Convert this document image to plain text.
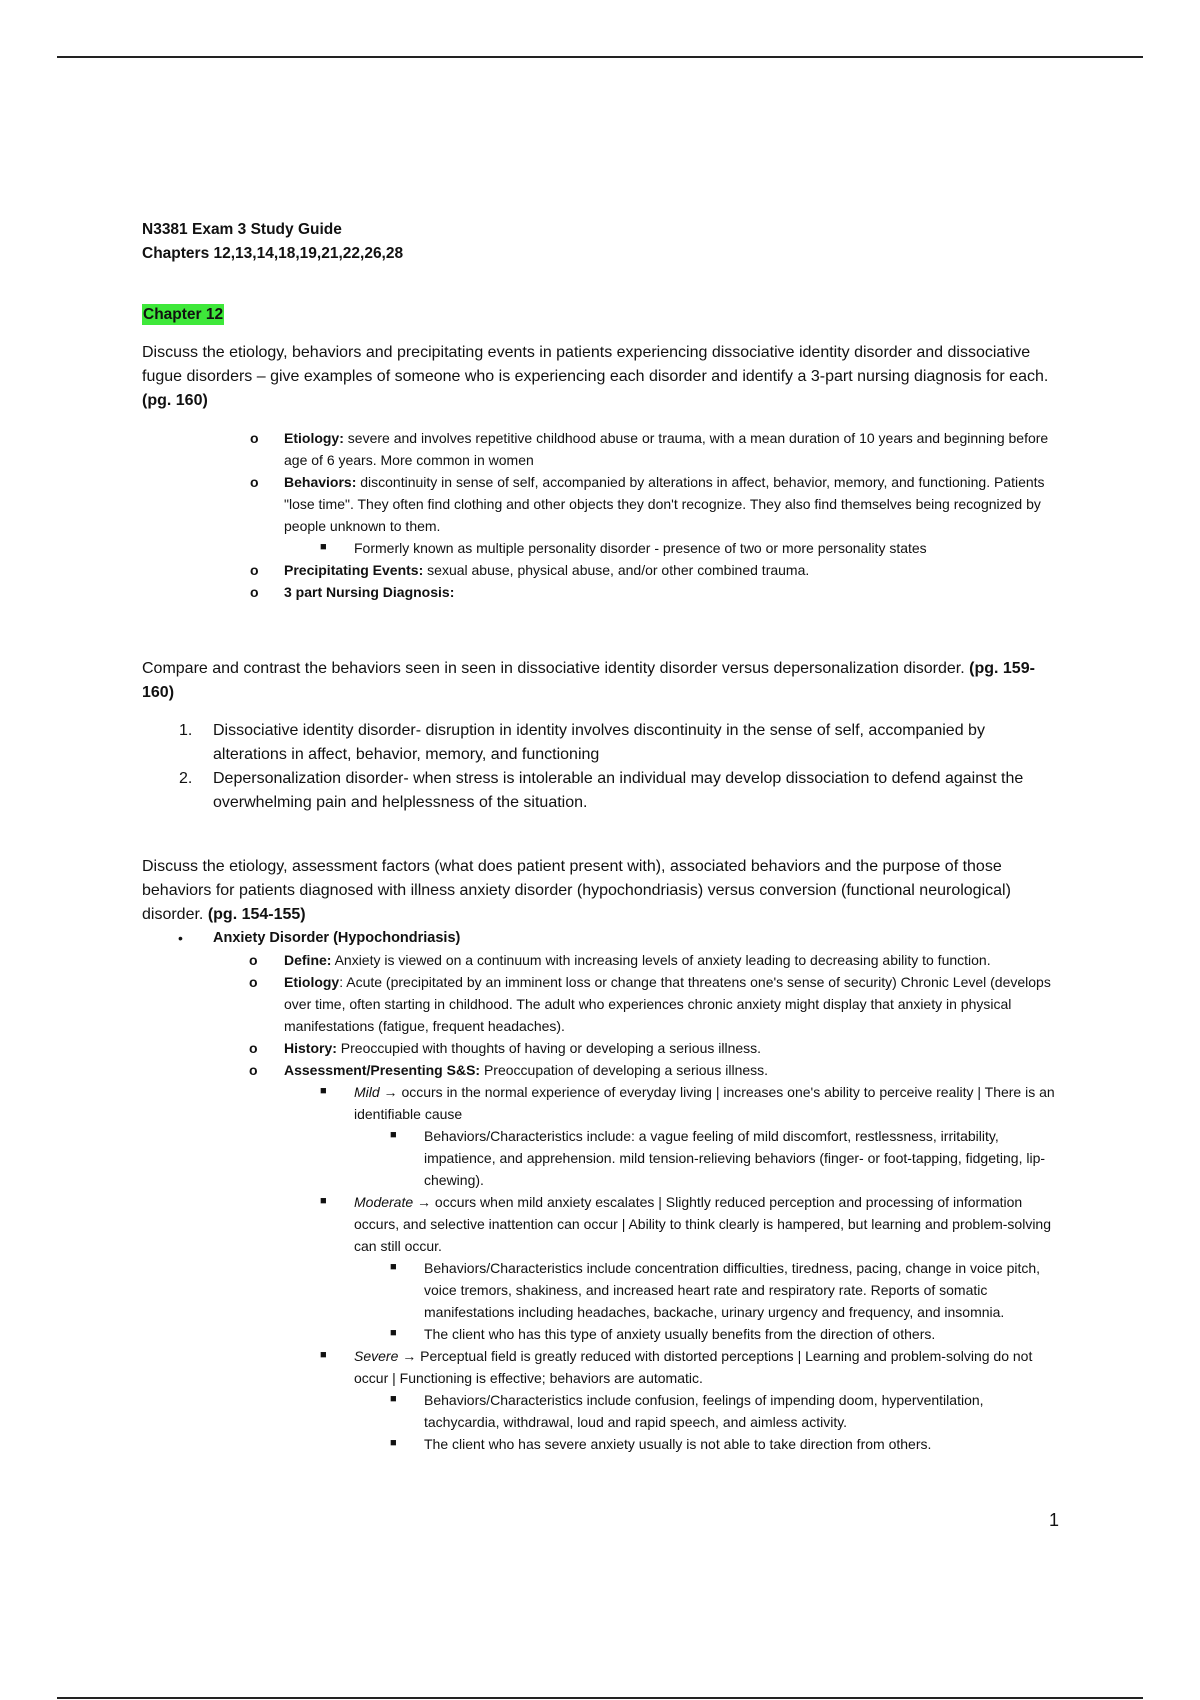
N3381 Exam 3 Study Guide

Chapters 12,13,14,18,19,21,22,26,28

Chapter 12

Discuss the etiology, behaviors and precipitating events in patients experiencing dissociative identity disorder and dissociative fugue disorders – give examples of someone who is experiencing each disorder and identify a 3-part nursing diagnosis for each. (pg. 160)

o Etiology: severe and involves repetitive childhood abuse or trauma, with a mean duration of 10 years and beginning before age of 6 years. More common in women
o Behaviors: discontinuity in sense of self, accompanied by alterations in affect, behavior, memory, and functioning. Patients "lose time". They often find clothing and other objects they don't recognize. They also find themselves being recognized by people unknown to them.
■ Formerly known as multiple personality disorder - presence of two or more personality states
o Precipitating Events: sexual abuse, physical abuse, and/or other combined trauma.
o 3 part Nursing Diagnosis:

Compare and contrast the behaviors seen in seen in dissociative identity disorder versus depersonalization disorder. (pg. 159-160)

1. Dissociative identity disorder- disruption in identity involves discontinuity in the sense of self, accompanied by alterations in affect, behavior, memory, and functioning
2. Depersonalization disorder- when stress is intolerable an individual may develop dissociation to defend against the overwhelming pain and helplessness of the situation.

Discuss the etiology, assessment factors (what does patient present with), associated behaviors and the purpose of those behaviors for patients diagnosed with illness anxiety disorder (hypochondriasis) versus conversion (functional neurological) disorder. (pg. 154-155)

• Anxiety Disorder (Hypochondriasis)
o Define: Anxiety is viewed on a continuum with increasing levels of anxiety leading to decreasing ability to function.
o Etiology: Acute (precipitated by an imminent loss or change that threatens one's sense of security) Chronic Level (develops over time, often starting in childhood. The adult who experiences chronic anxiety might display that anxiety in physical manifestations (fatigue, frequent headaches).
o History: Preoccupied with thoughts of having or developing a serious illness.
o Assessment/Presenting S&S: Preoccupation of developing a serious illness.
■ Mild → occurs in the normal experience of everyday living | increases one's ability to perceive reality | There is an identifiable cause
■ Behaviors/Characteristics include: a vague feeling of mild discomfort, restlessness, irritability, impatience, and apprehension. mild tension-relieving behaviors (finger- or foot-tapping, fidgeting, lip-chewing).
■ Moderate → occurs when mild anxiety escalates | Slightly reduced perception and processing of information occurs, and selective inattention can occur | Ability to think clearly is hampered, but learning and problem-solving can still occur.
■ Behaviors/Characteristics include concentration difficulties, tiredness, pacing, change in voice pitch, voice tremors, shakiness, and increased heart rate and respiratory rate. Reports of somatic manifestations including headaches, backache, urinary urgency and frequency, and insomnia.
■ The client who has this type of anxiety usually benefits from the direction of others.
■ Severe → Perceptual field is greatly reduced with distorted perceptions | Learning and problem-solving do not occur | Functioning is effective; behaviors are automatic.
■ Behaviors/Characteristics include confusion, feelings of impending doom, hyperventilation, tachycardia, withdrawal, loud and rapid speech, and aimless activity.
■ The client who has severe anxiety usually is not able to take direction from others.
1
